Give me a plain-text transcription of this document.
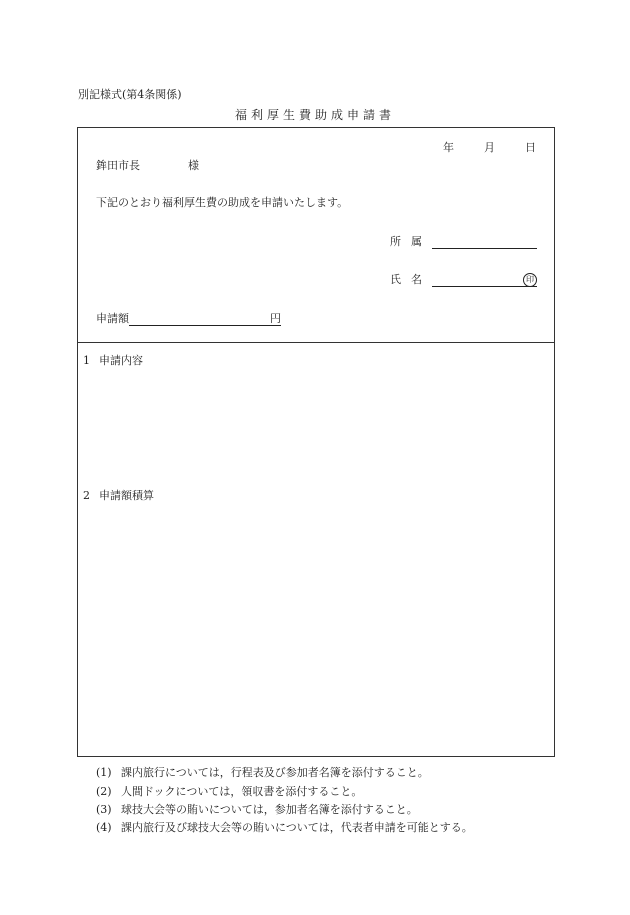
別記様式(第4条関係)
福利厚生費助成申請書
年	月	日
鉾田市長	様
下記のとおり福利厚生費の助成を申請いたします。
所属
氏名	印
申請額	円
1 申請内容
2 申請額積算
(1) 課内旅行については，行程表及び参加者名簿を添付すること。
(2) 人間ドックについては，領収書を添付すること。
(3) 球技大会等の賄いについては，参加者名簿を添付すること。
(4) 課内旅行及び球技大会等の賄いについては，代表者申請を可能とする。
